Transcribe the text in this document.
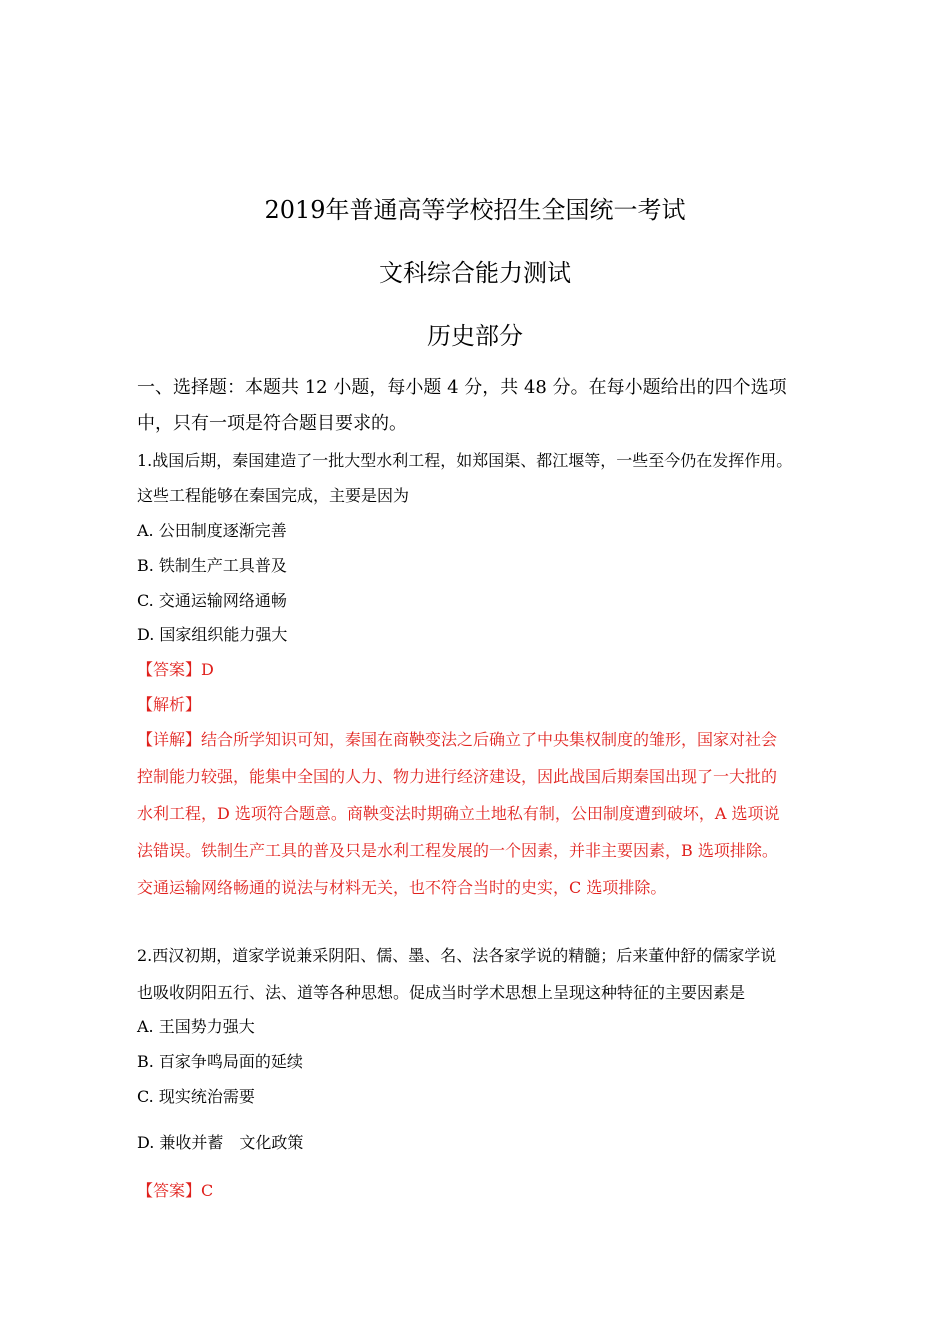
2019年普通高等学校招生全国统一考试
文科综合能力测试
历史部分
一、选择题：本题共 12 小题，每小题 4 分，共 48 分。在每小题给出的四个选项
中，只有一项是符合题目要求的。
1.战国后期，秦国建造了一批大型水利工程，如郑国渠、都江堰等，一些至今仍在发挥作用。
这些工程能够在秦国完成，主要是因为
A. 公田制度逐渐完善
B. 铁制生产工具普及
C. 交通运输网络通畅
D. 国家组织能力强大
【答案】D
【解析】
【详解】结合所学知识可知，秦国在商鞅变法之后确立了中央集权制度的雏形，国家对社会
控制能力较强，能集中全国的人力、物力进行经济建设，因此战国后期秦国出现了一大批的
水利工程，D 选项符合题意。商鞅变法时期确立土地私有制，公田制度遭到破坏，A 选项说
法错误。铁制生产工具的普及只是水利工程发展的一个因素，并非主要因素，B 选项排除。
交通运输网络畅通的说法与材料无关，也不符合当时的史实，C 选项排除。
2.西汉初期，道家学说兼采阴阳、儒、墨、名、法各家学说的精髓；后来董仲舒的儒家学说
也吸收阴阳五行、法、道等各种思想。促成当时学术思想上呈现这种特征的主要因素是
A. 王国势力强大
B. 百家争鸣局面的延续
C. 现实统治需要
D. 兼收并蓄　文化政策
【答案】C
